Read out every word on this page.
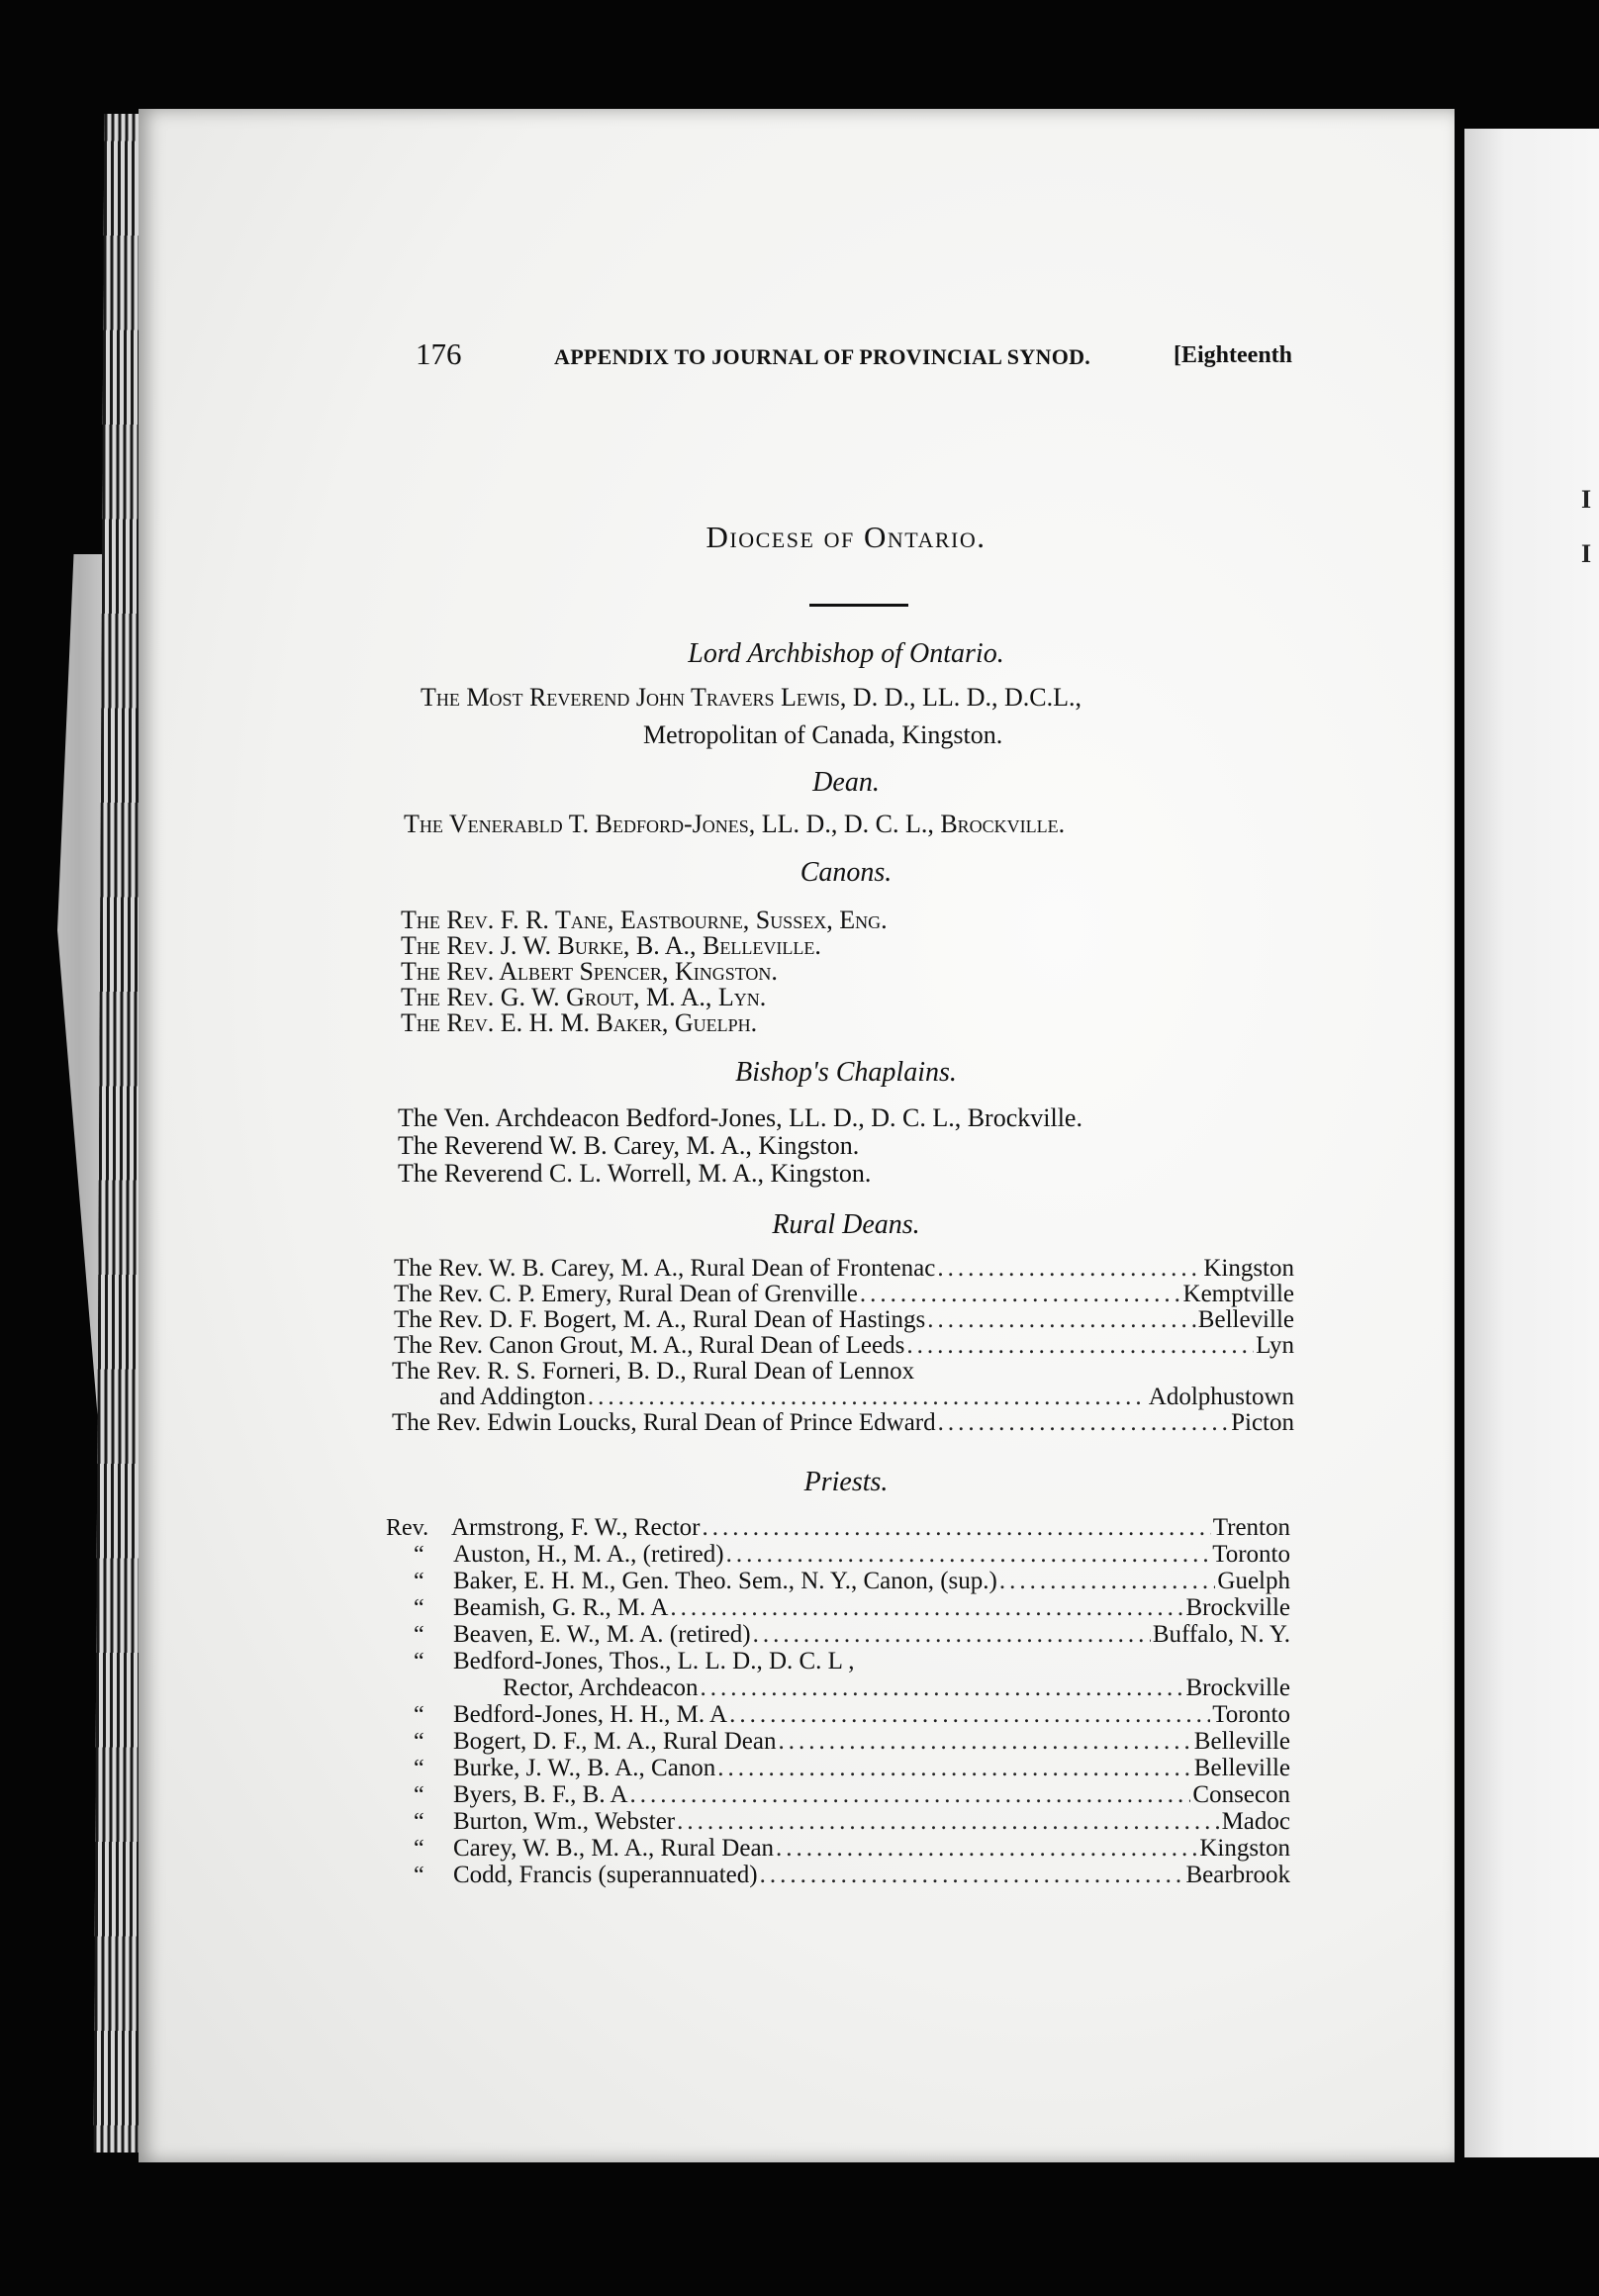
I
I
176	APPENDIX TO JOURNAL OF PROVINCIAL SYNOD.	[Eighteenth
Diocese of Ontario.
Lord Archbishop of Ontario.
The Most Reverend John Travers Lewis, D. D., LL. D., D.C.L.,
Metropolitan of Canada, Kingston.
Dean.
The Venerabld T. Bedford-Jones, LL. D., D. C. L., Brockville.
Canons.
The Rev. F. R. Tane, Eastbourne, Sussex, Eng.
The Rev. J. W. Burke, B. A., Belleville.
The Rev. Albert Spencer, Kingston.
The Rev. G. W. Grout, M. A., Lyn.
The Rev. E. H. M. Baker, Guelph.
Bishop's Chaplains.
The Ven. Archdeacon Bedford-Jones, LL. D., D. C. L., Brockville.
The Reverend W. B. Carey, M. A., Kingston.
The Reverend C. L. Worrell, M. A., Kingston.
Rural Deans.
The Rev. W. B. Carey, M. A., Rural Dean of Frontenac .....	Kingston
The Rev. C. P. Emery, Rural Dean of Grenville .....	Kemptville
The Rev. D. F. Bogert, M. A., Rural Dean of Hastings .....	Belleville
The Rev. Canon Grout, M. A., Rural Dean of Leeds .....	Lyn
The Rev. R. S. Forneri, B. D., Rural Dean of Lennox
and Addington .....	Adolphustown
The Rev. Edwin Loucks, Rural Dean of Prince Edward .....	Picton
Priests.
Rev. Armstrong, F. W., Rector .....	Trenton
“	Auston, H., M. A., (retired) .....	Toronto
“	Baker, E. H. M., Gen. Theo. Sem., N. Y., Canon, (sup.) .....	Guelph
“	Beamish, G. R., M. A .....	Brockville
“	Beaven, E. W., M. A. (retired) .....	Buffalo, N. Y.
“	Bedford-Jones, Thos., L. L. D., D. C. L ,
Rector, Archdeacon .....	Brockville
“	Bedford-Jones, H. H., M. A .....	Toronto
“	Bogert, D. F., M. A., Rural Dean .....	Belleville
“	Burke, J. W., B. A., Canon .....	Belleville
“	Byers, B. F., B. A .....	Consecon
“	Burton, Wm., Webster .....	Madoc
“	Carey, W. B., M. A., Rural Dean .....	Kingston
“	Codd, Francis (superannuated) .....	Bearbrook
